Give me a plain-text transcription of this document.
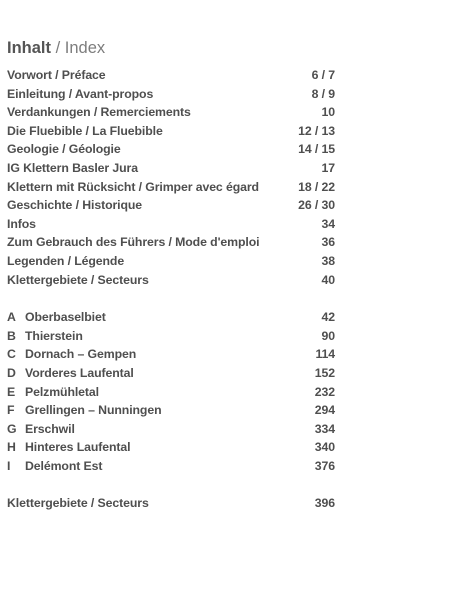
Inhalt / Index
Vorwort / Préface	6 / 7
Einleitung / Avant-propos	8 / 9
Verdankungen / Remerciements	10
Die Fluebible / La Fluebible	12 / 13
Geologie / Géologie	14 / 15
IG Klettern Basler Jura	17
Klettern mit Rücksicht / Grimper avec égard	18 / 22
Geschichte / Historique	26 / 30
Infos	34
Zum Gebrauch des Führers / Mode d'emploi	36
Legenden / Légende	38
Klettergebiete / Secteurs	40
A Oberbaselbiet	42
B Thierstein	90
C Dornach – Gempen	114
D Vorderes Laufental	152
E Pelzmühletal	232
F Grellingen – Nunningen	294
G Erschwil	334
H Hinteres Laufental	340
I Delémont Est	376
Klettergebiete / Secteurs	396
